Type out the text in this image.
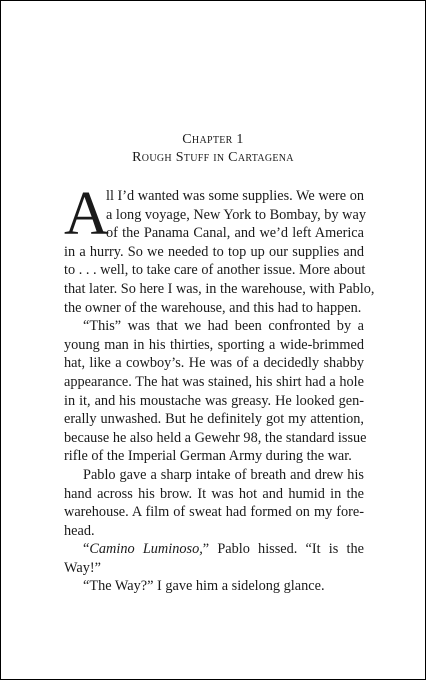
Chapter 1
Rough Stuff in Cartagena
A
ll I’d wanted was some supplies. We were on
a long voyage, New York to Bombay, by way
of the Panama Canal, and we’d left America
in a hurry. So we needed to top up our supplies and
to . . . well, to take care of another issue. More about
that later. So here I was, in the warehouse, with Pablo,
the owner of the warehouse, and this had to happen.
“This” was that we had been confronted by a
young man in his thirties, sporting a wide-brimmed
hat, like a cowboy’s. He was of a decidedly shabby
appearance. The hat was stained, his shirt had a hole
in it, and his moustache was greasy. He looked gen-
erally unwashed. But he definitely got my attention,
because he also held a Gewehr 98, the standard issue
rifle of the Imperial German Army during the war.
Pablo gave a sharp intake of breath and drew his
hand across his brow. It was hot and humid in the
warehouse. A film of sweat had formed on my fore-
head.
“Camino Luminoso,” Pablo hissed. “It is the
Way!”
“The Way?” I gave him a sidelong glance.
